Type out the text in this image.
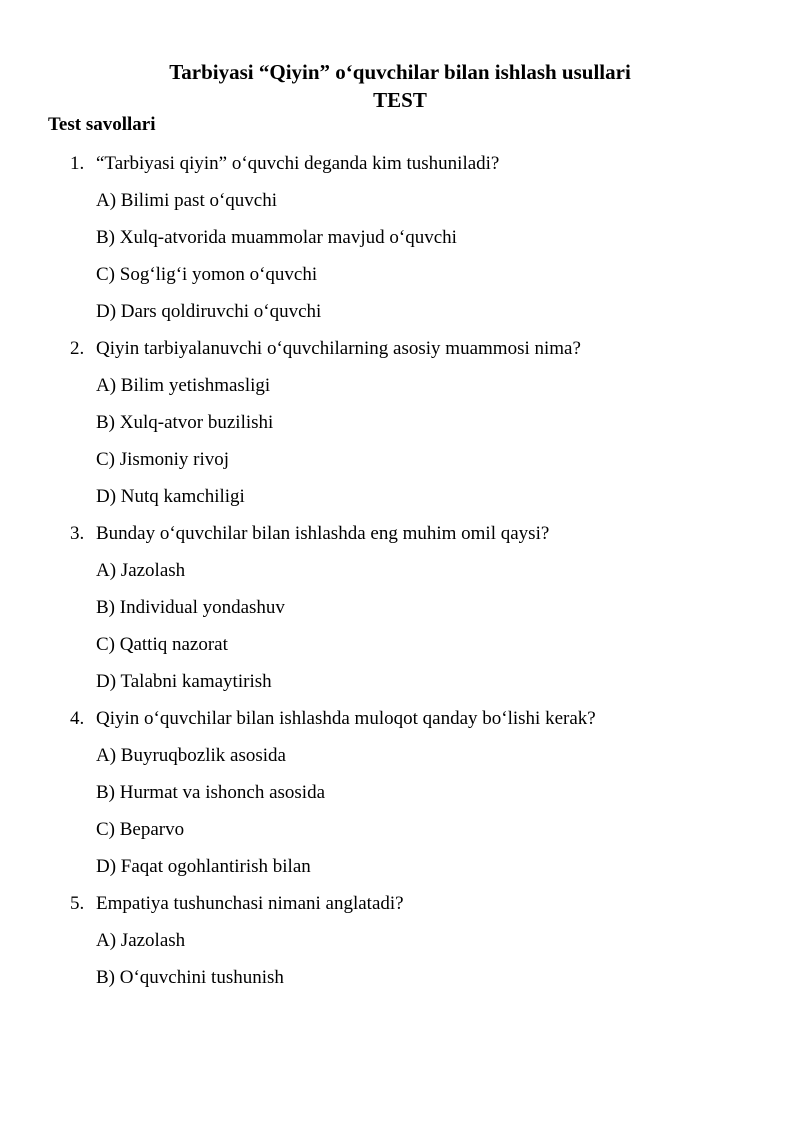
Tarbiyasi “Qiyin” o‘quvchilar bilan ishlash usullari
TEST
Test savollari
1. “Tarbiyasi qiyin” o‘quvchi deganda kim tushuniladi?
A) Bilimi past o‘quvchi
B) Xulq-atvorida muammolar mavjud o‘quvchi
C) Sog‘lig‘i yomon o‘quvchi
D) Dars qoldiruvchi o‘quvchi
2. Qiyin tarbiyalanuvchi o‘quvchilarning asosiy muammosi nima?
A) Bilim yetishmasligi
B) Xulq-atvor buzilishi
C) Jismoniy rivoj
D) Nutq kamchiligi
3. Bunday o‘quvchilar bilan ishlashda eng muhim omil qaysi?
A) Jazolash
B) Individual yondashuv
C) Qattiq nazorat
D) Talabni kamaytirish
4. Qiyin o‘quvchilar bilan ishlashda muloqot qanday bo‘lishi kerak?
A) Buyruqbozlik asosida
B) Hurmat va ishonch asosida
C) Beparvo
D) Faqat ogohlantirish bilan
5. Empatiya tushunchasi nimani anglatadi?
A) Jazolash
B) O‘quvchini tushunish
